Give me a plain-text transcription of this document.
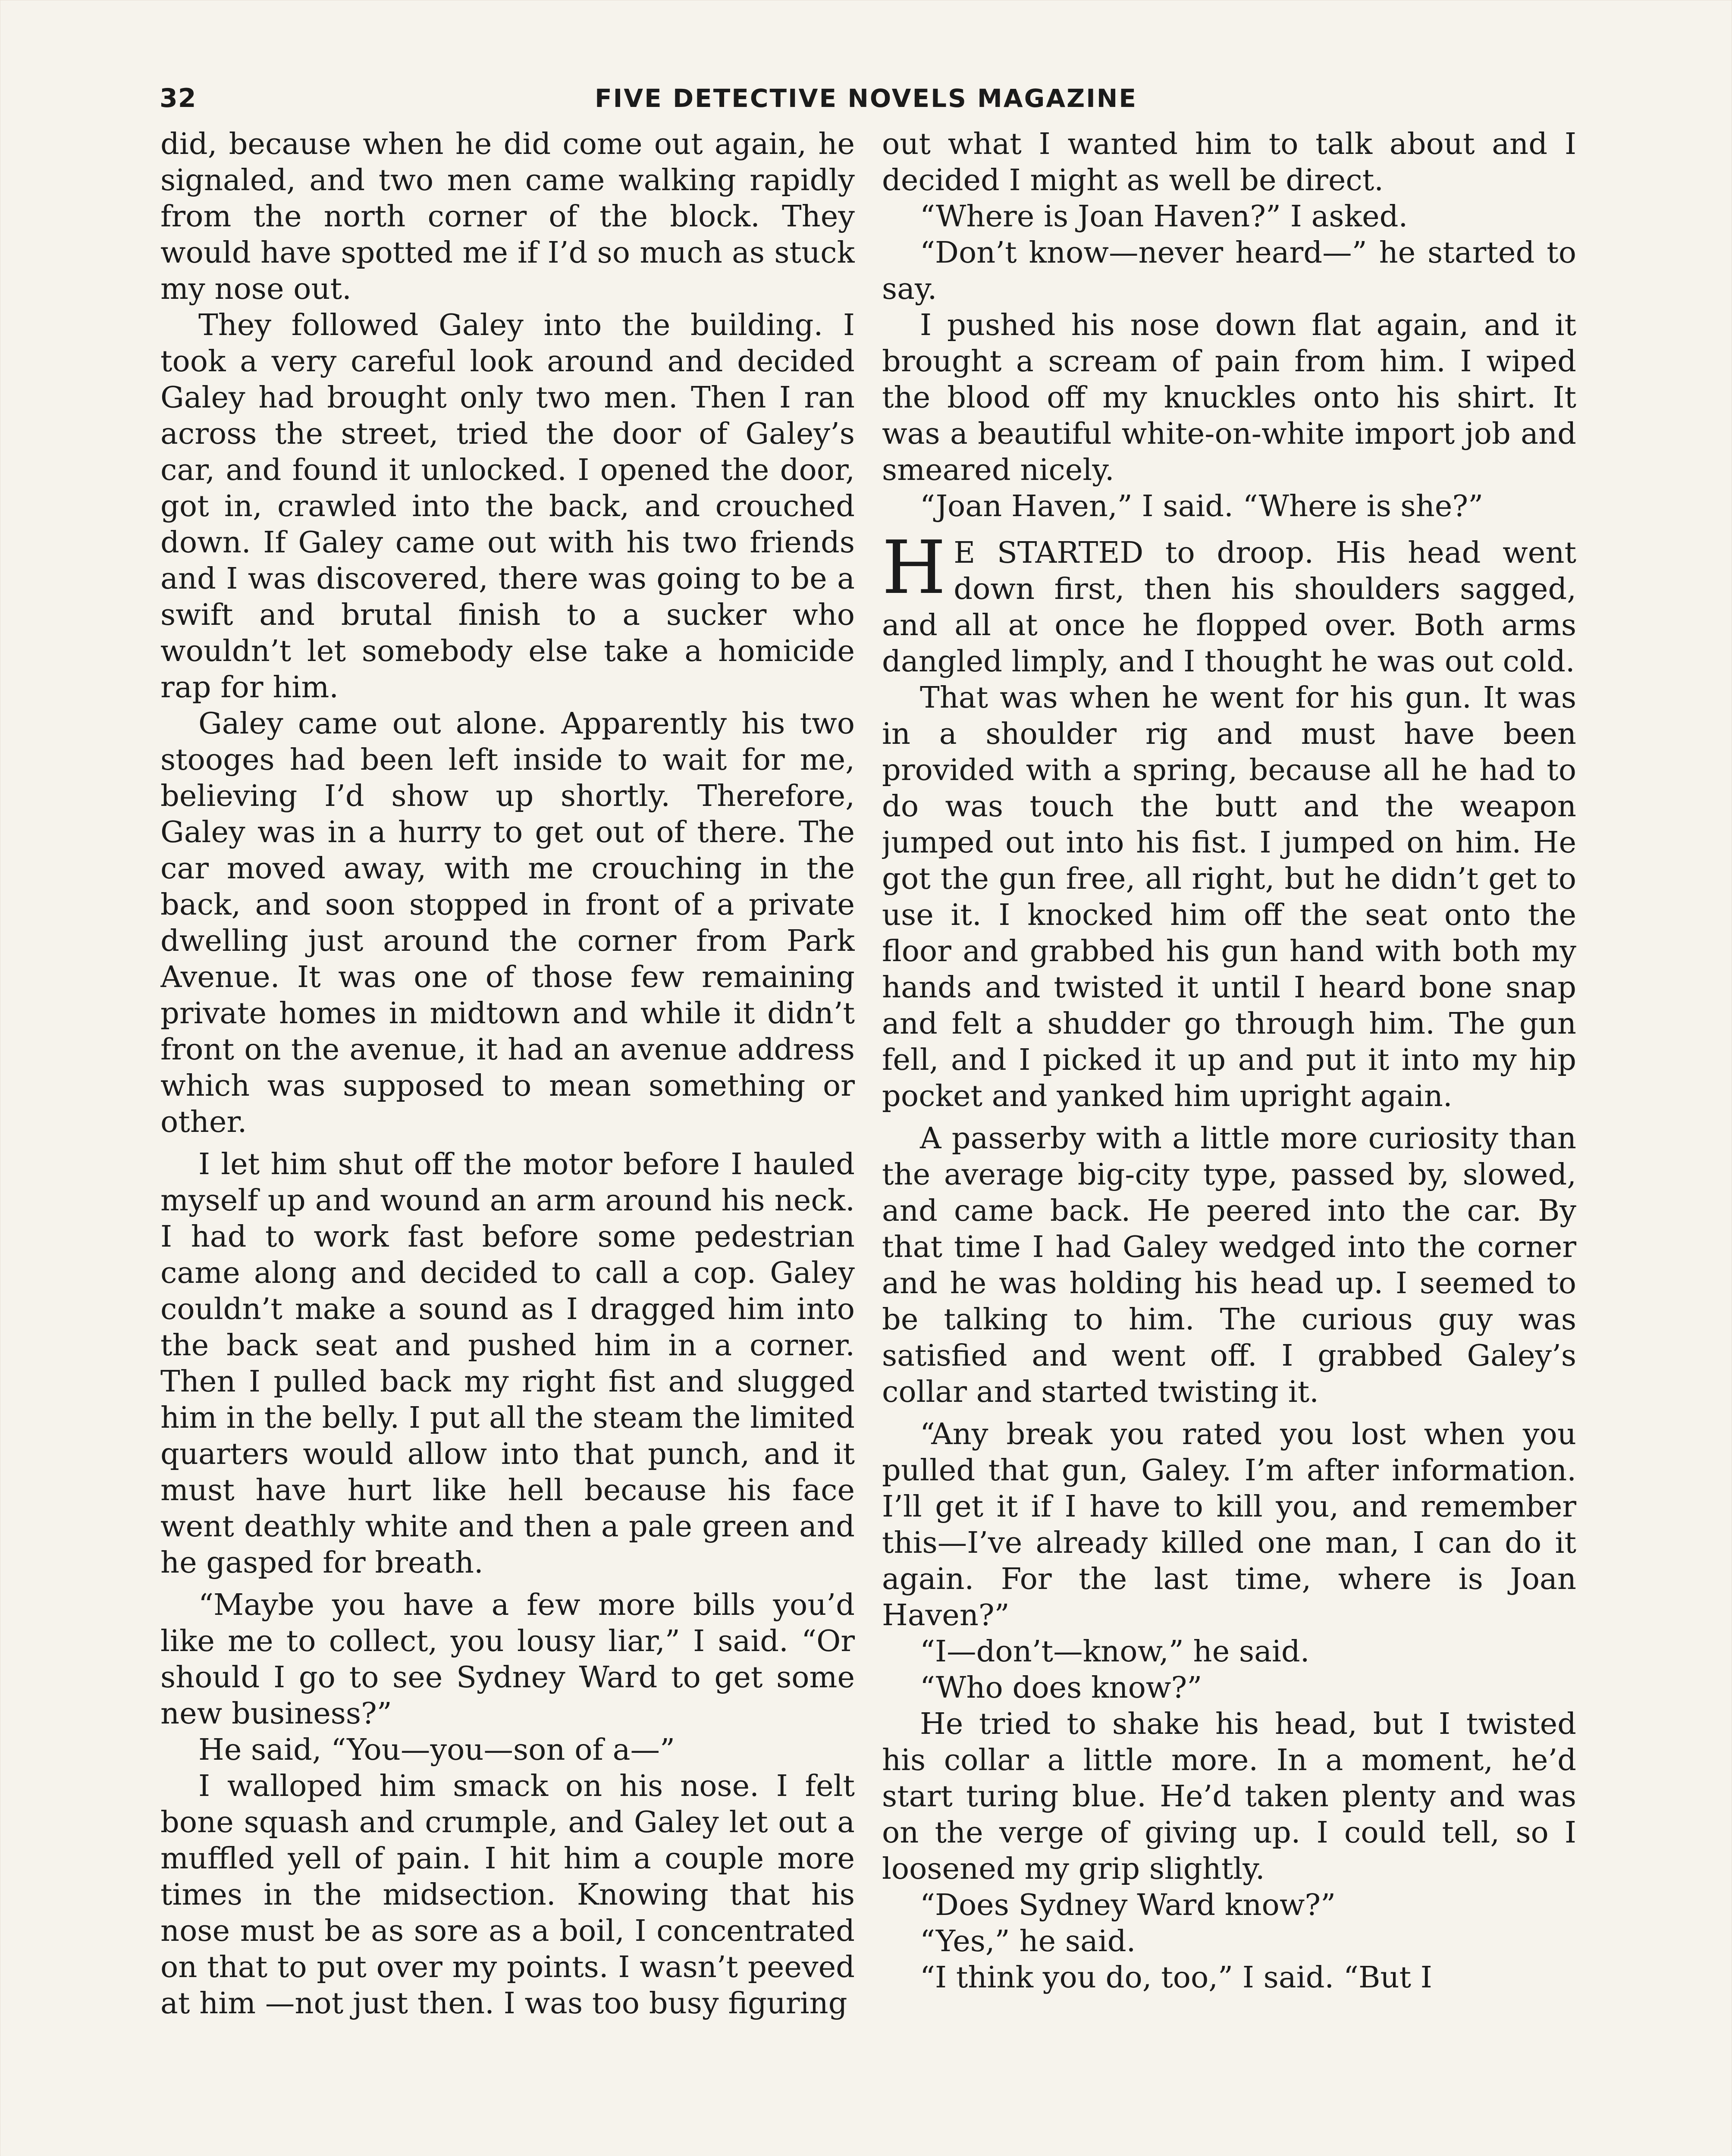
32	FIVE DETECTIVE NOVELS MAGAZINE

did, because when he did come out again, he signaled, and two men came walking rapidly from the north corner of the block. They would have spotted me if I’d so much as stuck my nose out.

They followed Galey into the building. I took a very careful look around and decided Galey had brought only two men. Then I ran across the street, tried the door of Galey’s car, and found it unlocked. I opened the door, got in, crawled into the back, and crouched down. If Galey came out with his two friends and I was discovered, there was going to be a swift and brutal finish to a sucker who wouldn’t let somebody else take a homicide rap for him.

Galey came out alone. Apparently his two stooges had been left inside to wait for me, believing I’d show up shortly. Therefore, Galey was in a hurry to get out of there. The car moved away, with me crouching in the back, and soon stopped in front of a private dwelling just around the corner from Park Avenue. It was one of those few remaining private homes in midtown and while it didn’t front on the avenue, it had an avenue address which was supposed to mean something or other.

I let him shut off the motor before I hauled myself up and wound an arm around his neck. I had to work fast before some pedestrian came along and decided to call a cop. Galey couldn’t make a sound as I dragged him into the back seat and pushed him in a corner. Then I pulled back my right fist and slugged him in the belly. I put all the steam the limited quarters would allow into that punch, and it must have hurt like hell because his face went deathly white and then a pale green and he gasped for breath.

“Maybe you have a few more bills you’d like me to collect, you lousy liar,” I said. “Or should I go to see Sydney Ward to get some new business?”

He said, “You—you—son of a—”

I walloped him smack on his nose. I felt bone squash and crumple, and Galey let out a muffled yell of pain. I hit him a couple more times in the midsection. Knowing that his nose must be as sore as a boil, I concentrated on that to put over my points. I wasn’t peeved at him —not just then. I was too busy figuring

out what I wanted him to talk about and I decided I might as well be direct.

“Where is Joan Haven?” I asked.

“Don’t know—never heard—” he started to say.

I pushed his nose down flat again, and it brought a scream of pain from him. I wiped the blood off my knuckles onto his shirt. It was a beautiful white-on-white import job and smeared nicely.

“Joan Haven,” I said. “Where is she?”

H E STARTED to droop. His head went down first, then his shoulders sagged, and all at once he flopped over. Both arms dangled limply, and I thought he was out cold.

That was when he went for his gun. It was in a shoulder rig and must have been provided with a spring, because all he had to do was touch the butt and the weapon jumped out into his fist. I jumped on him. He got the gun free, all right, but he didn’t get to use it. I knocked him off the seat onto the floor and grabbed his gun hand with both my hands and twisted it until I heard bone snap and felt a shudder go through him. The gun fell, and I picked it up and put it into my hip pocket and yanked him upright again.

A passerby with a little more curiosity than the average big-city type, passed by, slowed, and came back. He peered into the car. By that time I had Galey wedged into the corner and he was holding his head up. I seemed to be talking to him. The curious guy was satisfied and went off. I grabbed Galey’s collar and started twisting it.

“Any break you rated you lost when you pulled that gun, Galey. I’m after information. I’ll get it if I have to kill you, and remember this—I’ve already killed one man, I can do it again. For the last time, where is Joan Haven?”

“I—don’t—know,” he said.

“Who does know?”

He tried to shake his head, but I twisted his collar a little more. In a moment, he’d start turing blue. He’d taken plenty and was on the verge of giving up. I could tell, so I loosened my grip slightly.

“Does Sydney Ward know?”

“Yes,” he said.

“I think you do, too,” I said. “But I
